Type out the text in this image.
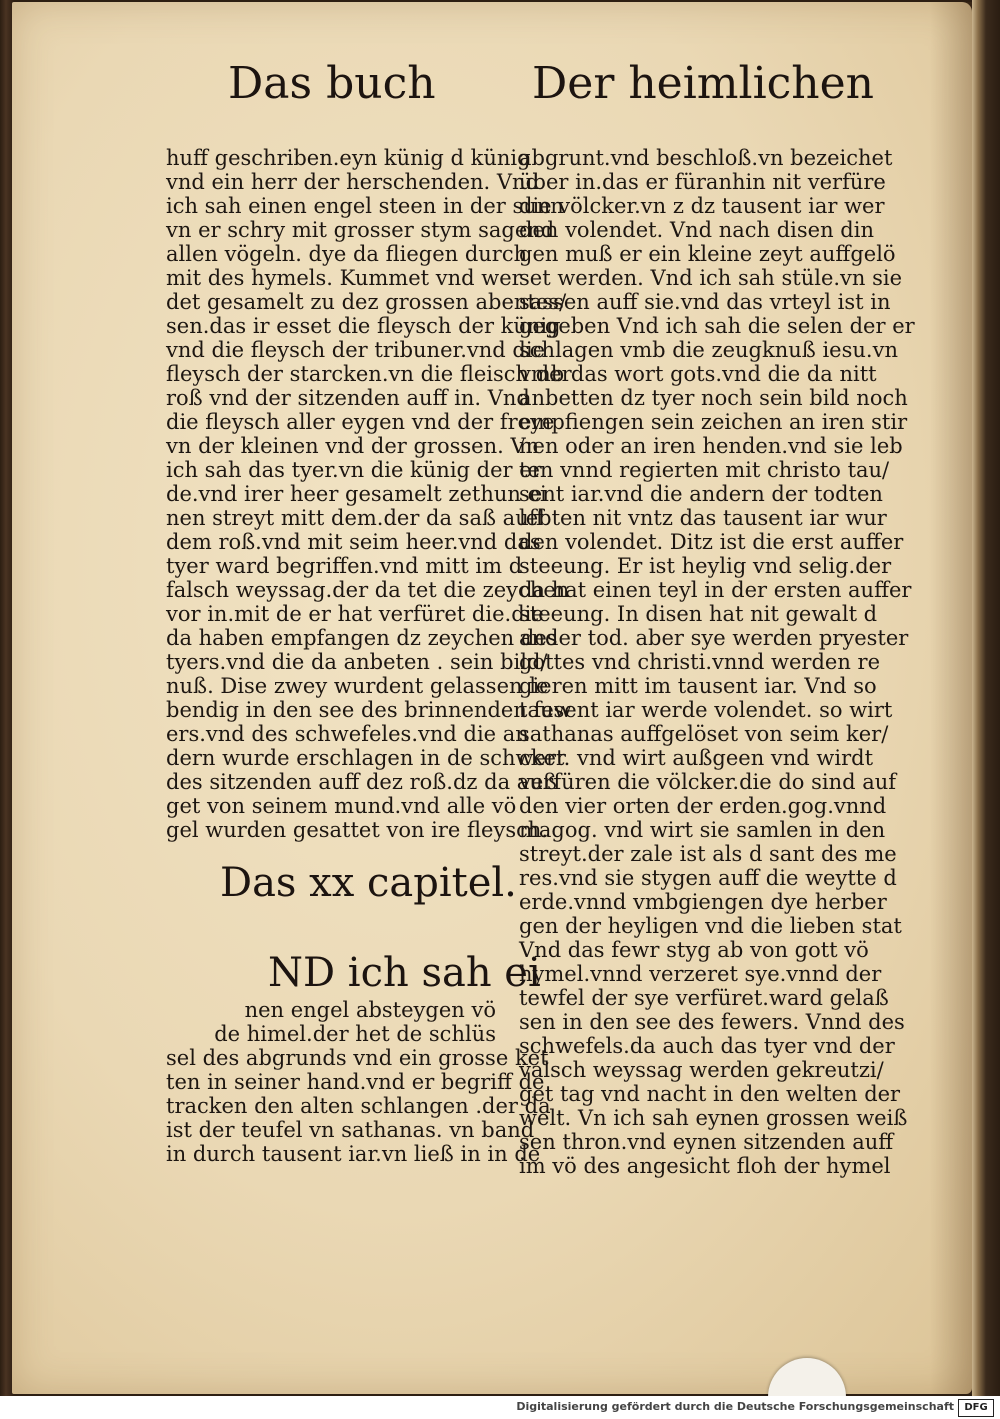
Das buch Der heimlichen
huff geschriben.eyn künig d künig
vnd ein herr der herschenden. Vnd
ich sah einen engel steen in der sunn
vn er schry mit grosser stym sagend
allen vögeln. dye da fliegen durch
mit des hymels. Kummet vnd wer
det gesamelt zu dez grossen abentes/
sen.das ir esset die fleysch der künig
vnd die fleysch der tribuner.vnd die
fleysch der starcken.vn die fleisch der
roß vnd der sitzenden auff in. Vnd
die fleysch aller eygen vnd der freye
vn der kleinen vnd der grossen. Vn
ich sah das tyer.vn die künig der er
de.vnd irer heer gesamelt zethun ei
nen streyt mitt dem.der da saß auff
dem roß.vnd mit seim heer.vnd das
tyer ward begriffen.vnd mitt im d
falsch weyssag.der da tet die zeychen
vor in.mit de er hat verfüret die.die
da haben empfangen dz zeychen des
tyers.vnd die da anbeten . sein bild/
nuß. Dise zwey wurdent gelassen le
bendig in den see des brinnenden few
ers.vnd des schwefeles.vnd die an
dern wurde erschlagen in de schwert
des sitzenden auff dez roß.dz da auß
get von seinem mund.vnd alle vö
gel wurden gesattet von ire fleysch.
abgrunt.vnd beschloß.vn bezeichet
über in.das er füranhin nit verfüre
die völcker.vn z dz tausent iar wer
den volendet. Vnd nach disen din
gen muß er ein kleine zeyt auffgelö
set werden. Vnd ich sah stüle.vn sie
sassen auff sie.vnd das vrteyl ist in
gegeben Vnd ich sah die selen der er
schlagen vmb die zeugknuß iesu.vn
vmb das wort gots.vnd die da nitt
anbetten dz tyer noch sein bild noch
empfiengen sein zeichen an iren stir
nen oder an iren henden.vnd sie leb
ten vnnd regierten mit christo tau/
sent iar.vnd die andern der todten
lebten nit vntz das tausent iar wur
den volendet. Ditz ist die erst auffer
steeung. Er ist heylig vnd selig.der
da hat einen teyl in der ersten auffer
steeung. In disen hat nit gewalt d
ander tod. aber sye werden pryester
gottes vnd christi.vnnd werden re
gieren mitt im tausent iar. Vnd so
tausent iar werde volendet. so wirt
sathanas auffgelöset von seim ker/
cker. vnd wirt außgeen vnd wirdt
verfüren die völcker.die do sind auf
den vier orten der erden.gog.vnnd
magog. vnd wirt sie samlen in den
streyt.der zale ist als d sant des me
res.vnd sie stygen auff die weytte d
erde.vnnd vmbgiengen dye herber
gen der heyligen vnd die lieben stat
Vnd das fewr styg ab von gott vö
hymel.vnnd verzeret sye.vnnd der
tewfel der sye verfüret.ward gelaß
sen in den see des fewers. Vnnd des
schwefels.da auch das tyer vnd der
valsch weyssag werden gekreutzi/
get tag vnd nacht in den welten der
welt. Vn ich sah eynen grossen weiß
sen thron.vnd eynen sitzenden auff
im vö des angesicht floh der hymel
Das xx capitel.
ND ich sah ei
nen engel absteygen vö
de himel.der het de schlüs
sel des abgrunds vnd ein grosse ket
ten in seiner hand.vnd er begriff de
tracken den alten schlangen .der da
ist der teufel vn sathanas. vn band
in durch tausent iar.vn ließ in in de
Digitalisierung gefördert durch die Deutsche Forschungsgemeinschaft	DFG
